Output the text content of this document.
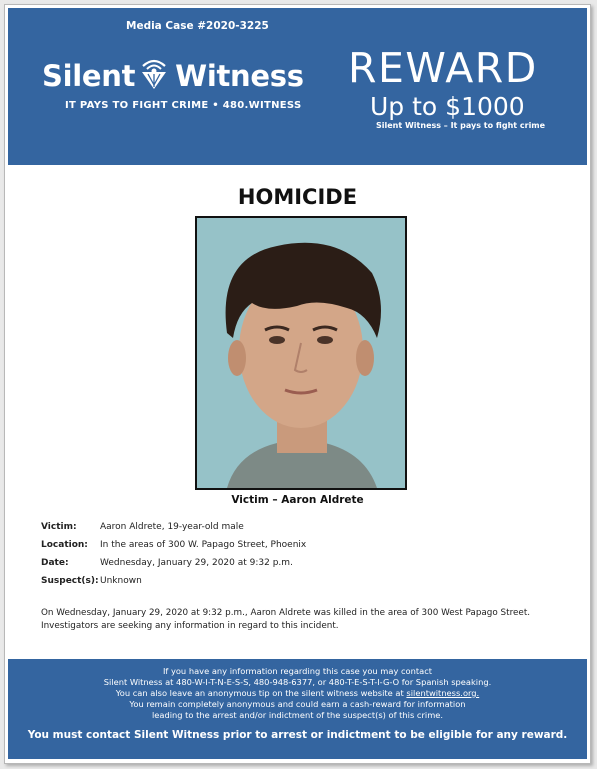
Media Case #2020-3225
Silent Witness
IT PAYS TO FIGHT CRIME • 480.WITNESS
REWARD
Up to $1000
Silent Witness – It pays to fight crime
HOMICIDE
Victim – Aaron Aldrete
Victim:	Aaron Aldrete, 19-year-old male
Location: In the areas of 300 W. Papago Street, Phoenix
Date:	Wednesday, January 29, 2020 at 9:32 p.m.
Suspect(s): Unknown
On Wednesday, January 29, 2020 at 9:32 p.m., Aaron Aldrete was killed in the area of 300 West Papago Street. Investigators are seeking any information in regard to this incident.
If you have any information regarding this case you may contact
Silent Witness at 480-W-I-T-N-E-S-S, 480-948-6377, or 480-T-E-S-T-I-G-O for Spanish speaking.
You can also leave an anonymous tip on the silent witness website at silentwitness.org.
You remain completely anonymous and could earn a cash-reward for information
leading to the arrest and/or indictment of the suspect(s) of this crime.
You must contact Silent Witness prior to arrest or indictment to be eligible for any reward.
